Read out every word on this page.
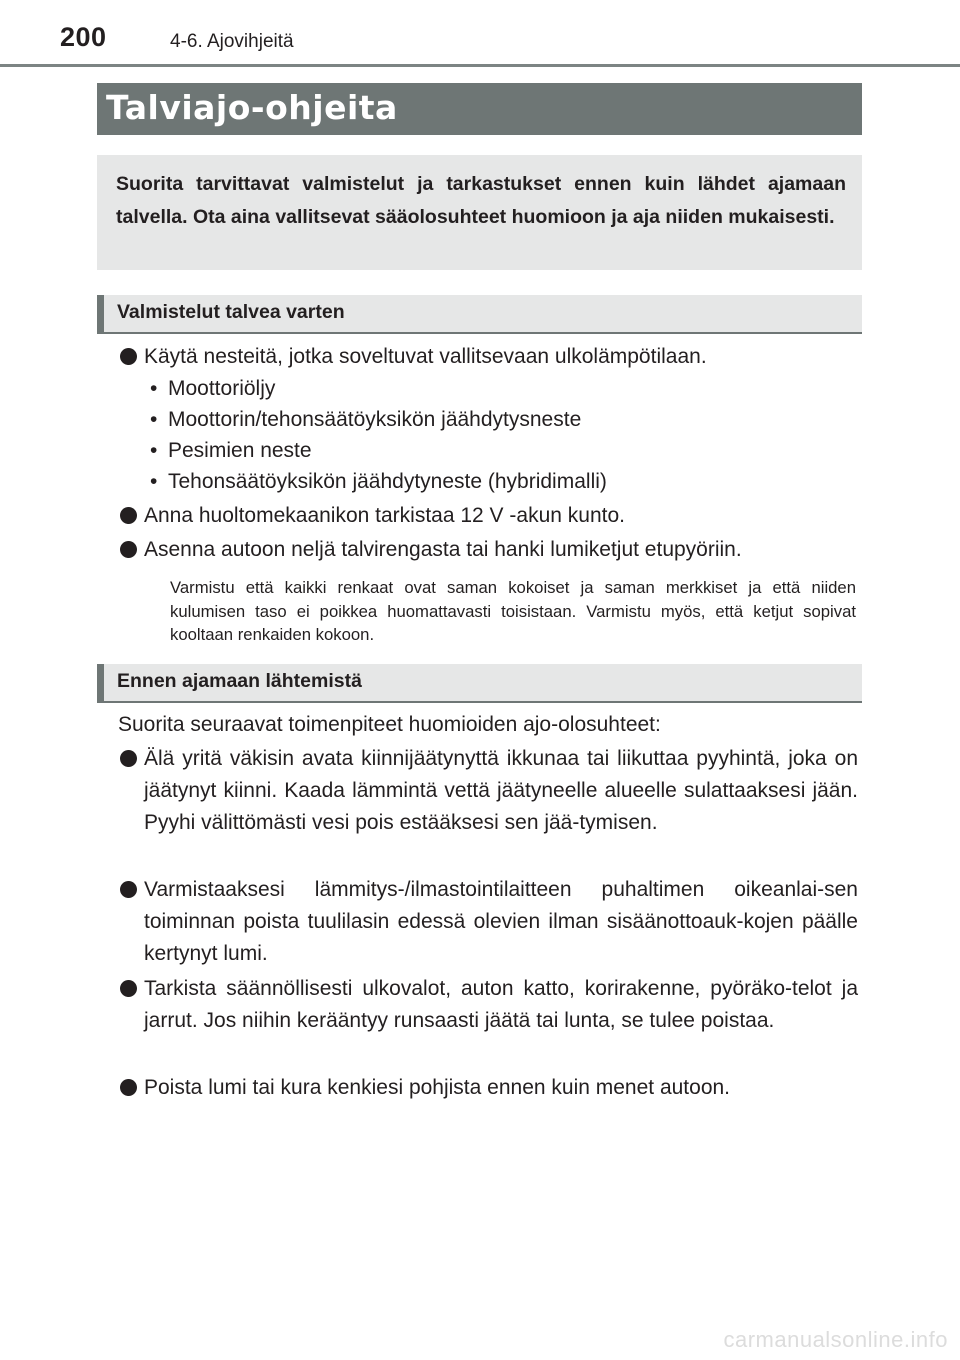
200	4-6. Ajovihjeitä
Talviajo-ohjeita
Suorita tarvittavat valmistelut ja tarkastukset ennen kuin lähdet ajamaan talvella. Ota aina vallitsevat sääolosuhteet huomioon ja aja niiden mukaisesti.
Valmistelut talvea varten
Käytä nesteitä, jotka soveltuvat vallitsevaan ulkolämpötilaan.
• Moottoriöljy
• Moottorin/tehonsäätöyksikön jäähdytysneste
• Pesimien neste
• Tehonsäätöyksikön jäähdytyneste (hybridimalli)
Anna huoltomekaanikon tarkistaa 12 V -akun kunto.
Asenna autoon neljä talvirengasta tai hanki lumiketjut etupyöriin.
Varmistu että kaikki renkaat ovat saman kokoiset ja saman merkkiset ja että niiden kulumisen taso ei poikkea huomattavasti toisistaan. Varmistu myös, että ketjut sopivat kooltaan renkaiden kokoon.
Ennen ajamaan lähtemistä
Suorita seuraavat toimenpiteet huomioiden ajo-olosuhteet:
Älä yritä väkisin avata kiinnijäätynyttä ikkunaa tai liikuttaa pyyhintä, joka on jäätynyt kiinni. Kaada lämmintä vettä jäätyneelle alueelle sulattaaksesi jään. Pyyhi välittömästi vesi pois estääksesi sen jää-tymisen.
Varmistaaksesi lämmitys-/ilmastointilaitteen puhaltimen oikeanlai-sen toiminnan poista tuulilasin edessä olevien ilman sisäänottoauk-kojen päälle kertynyt lumi.
Tarkista säännöllisesti ulkovalot, auton katto, korirakenne, pyöräko-telot ja jarrut. Jos niihin kerääntyy runsaasti jäätä tai lunta, se tulee poistaa.
Poista lumi tai kura kenkiesi pohjista ennen kuin menet autoon.
carmanualsonline.info
